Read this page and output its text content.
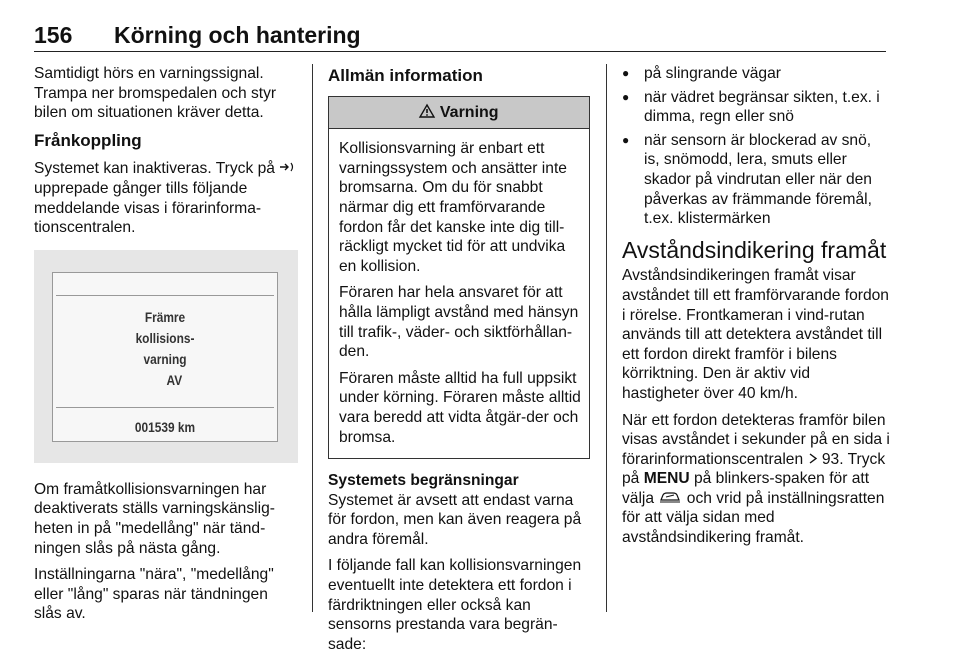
156 Körning och hantering

Samtidigt hörs en varningssignal. Trampa ner bromspedalen och styr bilen om situationen kräver detta.

Frånkoppling

Systemet kan inaktiveras. Tryck på  upprepade gånger tills följande meddelande visas i förarinforma-tionscentralen.

Främre
kollisions-
varning
AV
001539 km

Om framåtkollisionsvarningen har deaktiverats ställs varningskänslig-heten in på "medellång" när tänd-ningen slås på nästa gång.

Inställningarna "nära", "medellång" eller "lång" sparas när tändningen slås av.

Allmän information
Varning

Kollisionsvarning är enbart ett varningssystem och ansätter inte bromsarna. Om du för snabbt närmar dig ett framförvarande fordon får det kanske inte dig till-räckligt mycket tid för att undvika en kollision.

Föraren har hela ansvaret för att hålla lämpligt avstånd med hänsyn till trafik-, väder- och siktförhållan-den.

Föraren måste alltid ha full uppsikt under körning. Föraren måste alltid vara beredd att vidta åtgär-der och bromsa.

Systemets begränsningar

Systemet är avsett att endast varna för fordon, men kan även reagera på andra föremål.

I följande fall kan kollisionsvarningen eventuellt inte detektera ett fordon i färdriktningen eller också kan sensorns prestanda vara begrän-sade:

● på slingrande vägar
● när vädret begränsar sikten, t.ex. i dimma, regn eller snö
● när sensorn är blockerad av snö, is, snömodd, lera, smuts eller skador på vindrutan eller när den påverkas av främmande föremål, t.ex. klistermärken
Avståndsindikering framåt

Avståndsindikeringen framåt visar avståndet till ett framförvarande fordon i rörelse. Frontkameran i vind-rutan används till att detektera avståndet till ett fordon direkt framför i bilens körriktning. Den är aktiv vid hastigheter över 40 km/h.

När ett fordon detekteras framför bilen visas avståndet i sekunder på en sida i förarinformationscentralen 93. Tryck på MENU på blinkers-spaken för att välja och vrid på inställningsratten för att välja sidan med avståndsindikering framåt.
